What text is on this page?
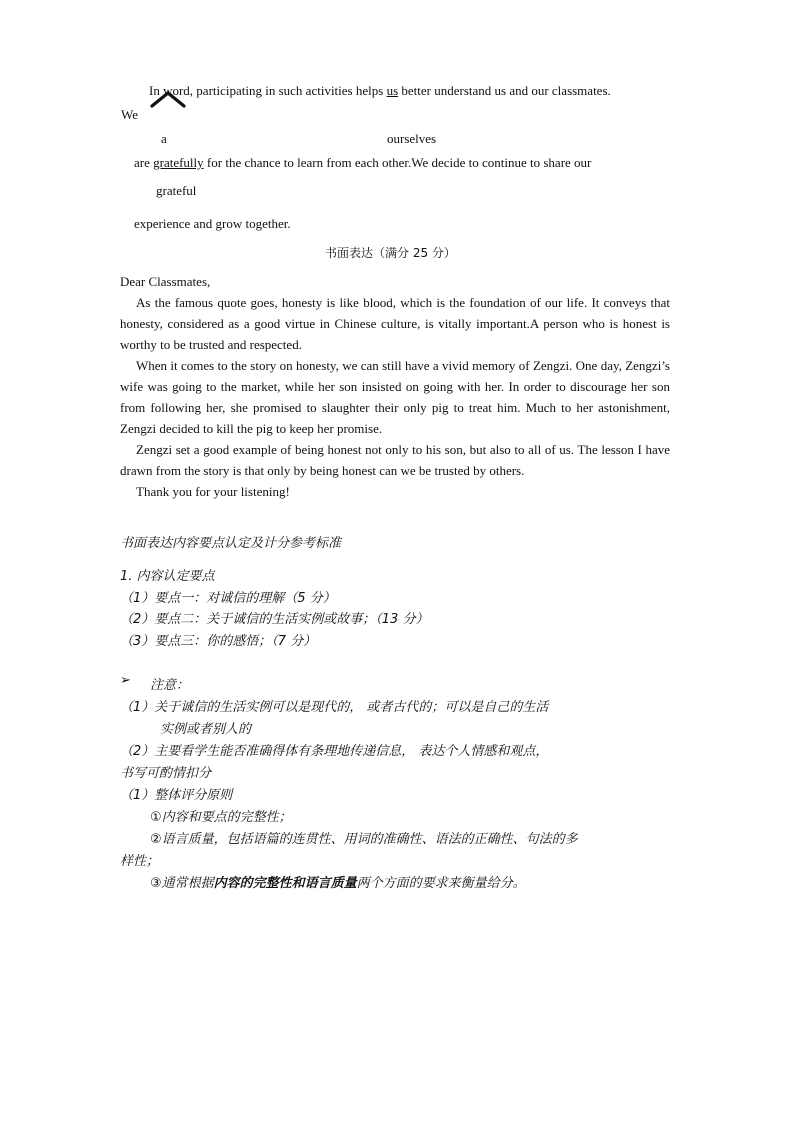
In word, participating in such activities helps us better understand us and our classmates.
We
a	ourselves
are gratefully for the chance to learn from each other.We decide to continue to share our
grateful
experience and grow together.
书面表达（满分 25 分）

Dear Classmates,

As the famous quote goes, honesty is like blood, which is the foundation of our life. It conveys that honesty, considered as a good virtue in Chinese culture, is vitally important.A person who is honest is worthy to be trusted and respected.

When it comes to the story on honesty, we can still have a vivid memory of Zengzi. One day, Zengzi’s wife was going to the market, while her son insisted on going with her. In order to discourage her son from following her, she promised to slaughter their only pig to treat him. Much to her astonishment, Zengzi decided to kill the pig to keep her promise.

Zengzi set a good example of being honest not only to his son, but also to all of us. The lesson I have drawn from the story is that only by being honest can we be trusted by others.

Thank you for your listening!

书面表达内容要点认定及计分参考标准
1. 内容认定要点
（1）要点一：对诚信的理解（5 分）
（2）要点二：关于诚信的生活实例或故事；（13 分）
（3）要点三：你的感悟；（7 分）
➢ 注意：
（1）关于诚信的生活实例可以是现代的， 或者古代的；可以是自己的生活
实例或者别人的
（2）主要看学生能否准确得体有条理地传递信息， 表达个人情感和观点，
书写可酌情扣分
（1）整体评分原则
①内容和要点的完整性；
②语言质量，包括语篇的连贯性、用词的准确性、语法的正确性、句法的多
样性；
③通常根据内容的完整性和语言质量两个方面的要求来衡量给分。
